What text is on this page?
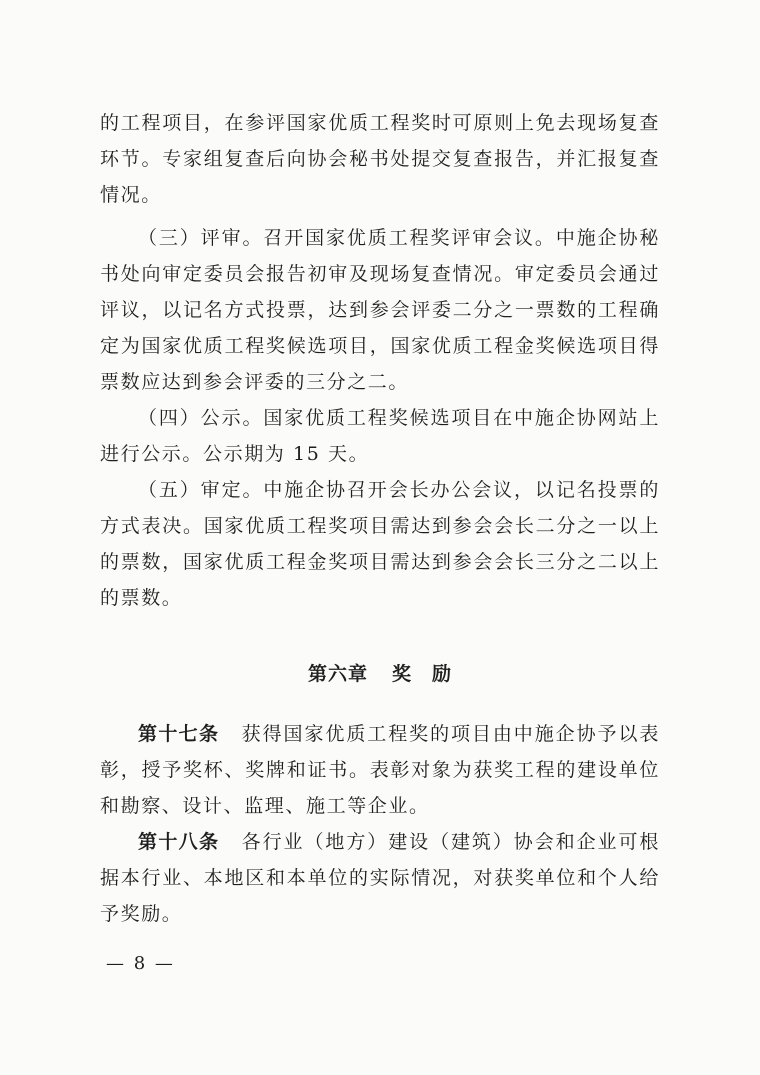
的工程项目，在参评国家优质工程奖时可原则上免去现场复查环节。专家组复查后向协会秘书处提交复查报告，并汇报复查情况。

（三）评审。召开国家优质工程奖评审会议。中施企协秘书处向审定委员会报告初审及现场复查情况。审定委员会通过评议，以记名方式投票，达到参会评委二分之一票数的工程确定为国家优质工程奖候选项目，国家优质工程金奖候选项目得票数应达到参会评委的三分之二。

（四）公示。国家优质工程奖候选项目在中施企协网站上进行公示。公示期为 15 天。

（五）审定。中施企协召开会长办公会议，以记名投票的方式表决。国家优质工程奖项目需达到参会会长二分之一以上的票数，国家优质工程金奖项目需达到参会会长三分之二以上的票数。

第六章 奖　励

第十七条 获得国家优质工程奖的项目由中施企协予以表彰，授予奖杯、奖牌和证书。表彰对象为获奖工程的建设单位和勘察、设计、监理、施工等企业。

第十八条 各行业（地方）建设（建筑）协会和企业可根据本行业、本地区和本单位的实际情况，对获奖单位和个人给予奖励。

— 8 —
